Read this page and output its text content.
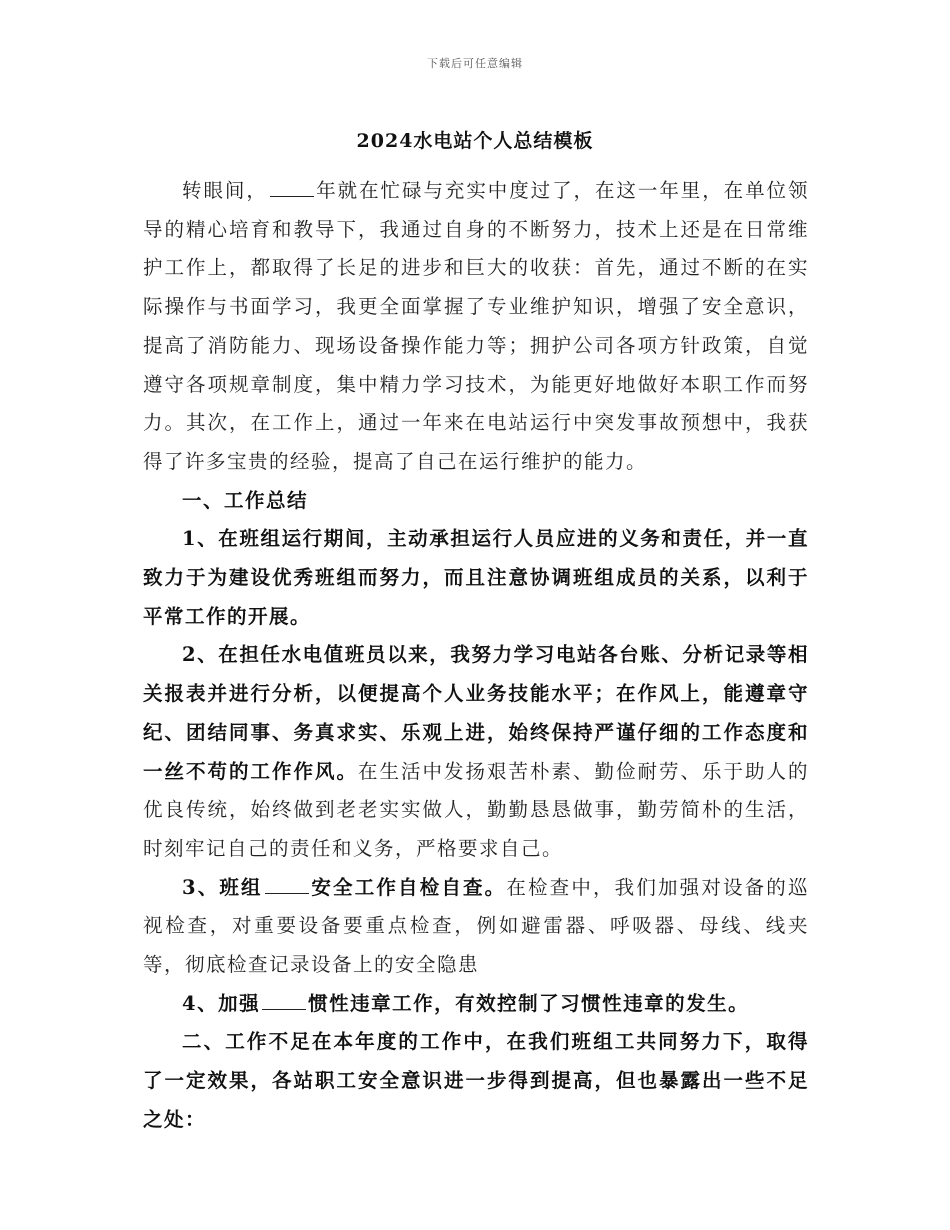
下载后可任意编辑
2024水电站个人总结模板

转眼间， 年就在忙碌与充实中度过了，在这一年里，在单位领导的精心培育和教导下，我通过自身的不断努力，技术上还是在日常维护工作上，都取得了长足的进步和巨大的收获：首先，通过不断的在实际操作与书面学习，我更全面掌握了专业维护知识，增强了安全意识，提高了消防能力、现场设备操作能力等；拥护公司各项方针政策，自觉遵守各项规章制度，集中精力学习技术，为能更好地做好本职工作而努力。其次，在工作上，通过一年来在电站运行中突发事故预想中，我获得了许多宝贵的经验，提高了自己在运行维护的能力。

一、工作总结

1、在班组运行期间，主动承担运行人员应进的义务和责任，并一直致力于为建设优秀班组而努力，而且注意协调班组成员的关系，以利于平常工作的开展。

2、在担任水电值班员以来，我努力学习电站各台账、分析记录等相关报表并进行分析，以便提高个人业务技能水平；在作风上，能遵章守纪、团结同事、务真求实、乐观上进，始终保持严谨仔细的工作态度和一丝不苟的工作作风。在生活中发扬艰苦朴素、勤俭耐劳、乐于助人的优良传统，始终做到老老实实做人，勤勤恳恳做事，勤劳简朴的生活，时刻牢记自己的责任和义务，严格要求自己。

3、班组 安全工作自检自查。在检查中，我们加强对设备的巡视检查，对重要设备要重点检查，例如避雷器、呼吸器、母线、线夹等，彻底检查记录设备上的安全隐患

4、加强 惯性违章工作，有效控制了习惯性违章的发生。

二、工作不足在本年度的工作中，在我们班组工共同努力下，取得了一定效果，各站职工安全意识进一步得到提高，但也暴露出一些不足之处：
